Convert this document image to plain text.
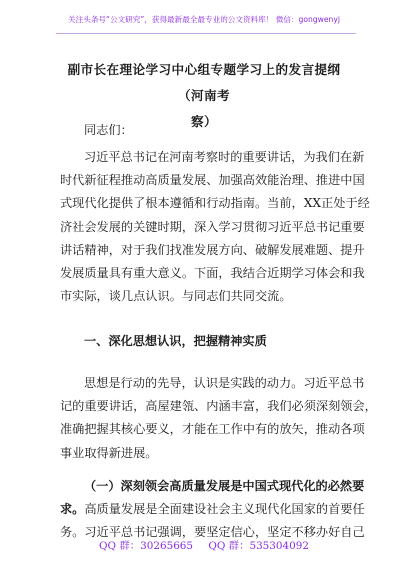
关注头条号“公文研究”，获得最新最全最专业的公文资料库！ 微信：gongwenyj
副市长在理论学习中心组专题学习上的发言提纲（河南考
察）
同志们：
习近平总书记在河南考察时的重要讲话，为我们在新
时代新征程推动高质量发展、加强高效能治理、推进中国
式现代化提供了根本遵循和行动指南。当前，XX正处于经
济社会发展的关键时期，深入学习贯彻习近平总书记重要
讲话精神，对于我们找准发展方向、破解发展难题、提升
发展质量具有重大意义。下面，我结合近期学习体会和我
市实际，谈几点认识。与同志们共同交流。
一、深化思想认识，把握精神实质
思想是行动的先导，认识是实践的动力。习近平总书
记的重要讲话，高屋建瓴、内涵丰富，我们必须深刻领会，
准确把握其核心要义，才能在工作中有的放矢，推动各项
事业取得新进展。
（一）深刻领会高质量发展是中国式现代化的必然要
求。高质量发展是全面建设社会主义现代化国家的首要任
务。习近平总书记强调，要坚定信心，坚定不移办好自己
QQ 群：30265665 QQ 群：535304092
